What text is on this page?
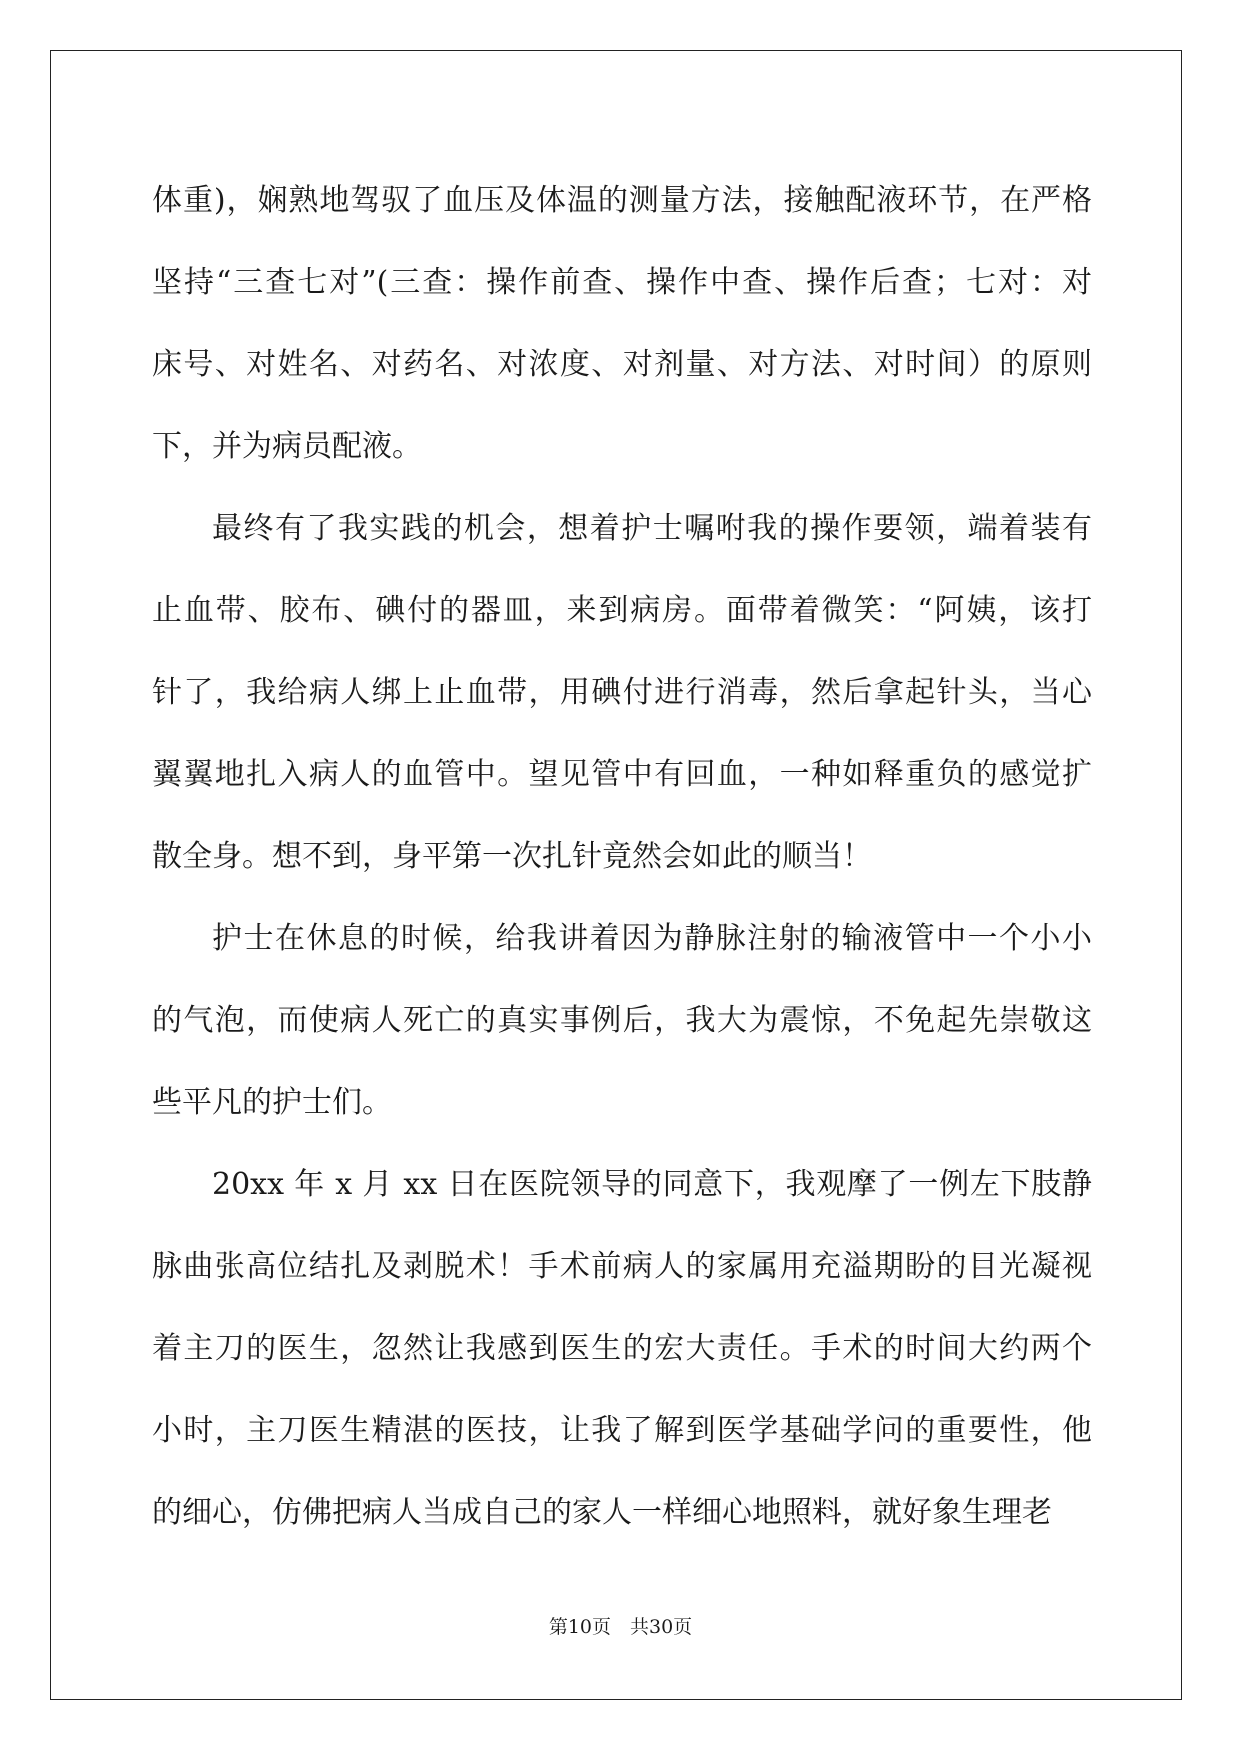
体重)，娴熟地驾驭了血压及体温的测量方法，接触配液环节，在严格
坚持“三查七对”(三查：操作前查、操作中查、操作后查；七对：对
床号、对姓名、对药名、对浓度、对剂量、对方法、对时间）的原则
下，并为病员配液。
最终有了我实践的机会，想着护士嘱咐我的操作要领，端着装有
止血带、胶布、碘付的器皿，来到病房。面带着微笑：“阿姨，该打
针了，我给病人绑上止血带，用碘付进行消毒，然后拿起针头，当心
翼翼地扎入病人的血管中。望见管中有回血，一种如释重负的感觉扩
散全身。想不到，身平第一次扎针竟然会如此的顺当！
护士在休息的时候，给我讲着因为静脉注射的输液管中一个小小
的气泡，而使病人死亡的真实事例后，我大为震惊，不免起先崇敬这
些平凡的护士们。
20xx 年 x 月 xx 日在医院领导的同意下，我观摩了一例左下肢静
脉曲张高位结扎及剥脱术！手术前病人的家属用充溢期盼的目光凝视
着主刀的医生，忽然让我感到医生的宏大责任。手术的时间大约两个
小时，主刀医生精湛的医技，让我了解到医学基础学问的重要性，他
的细心，仿佛把病人当成自己的家人一样细心地照料，就好象生理老
第10页　共30页
